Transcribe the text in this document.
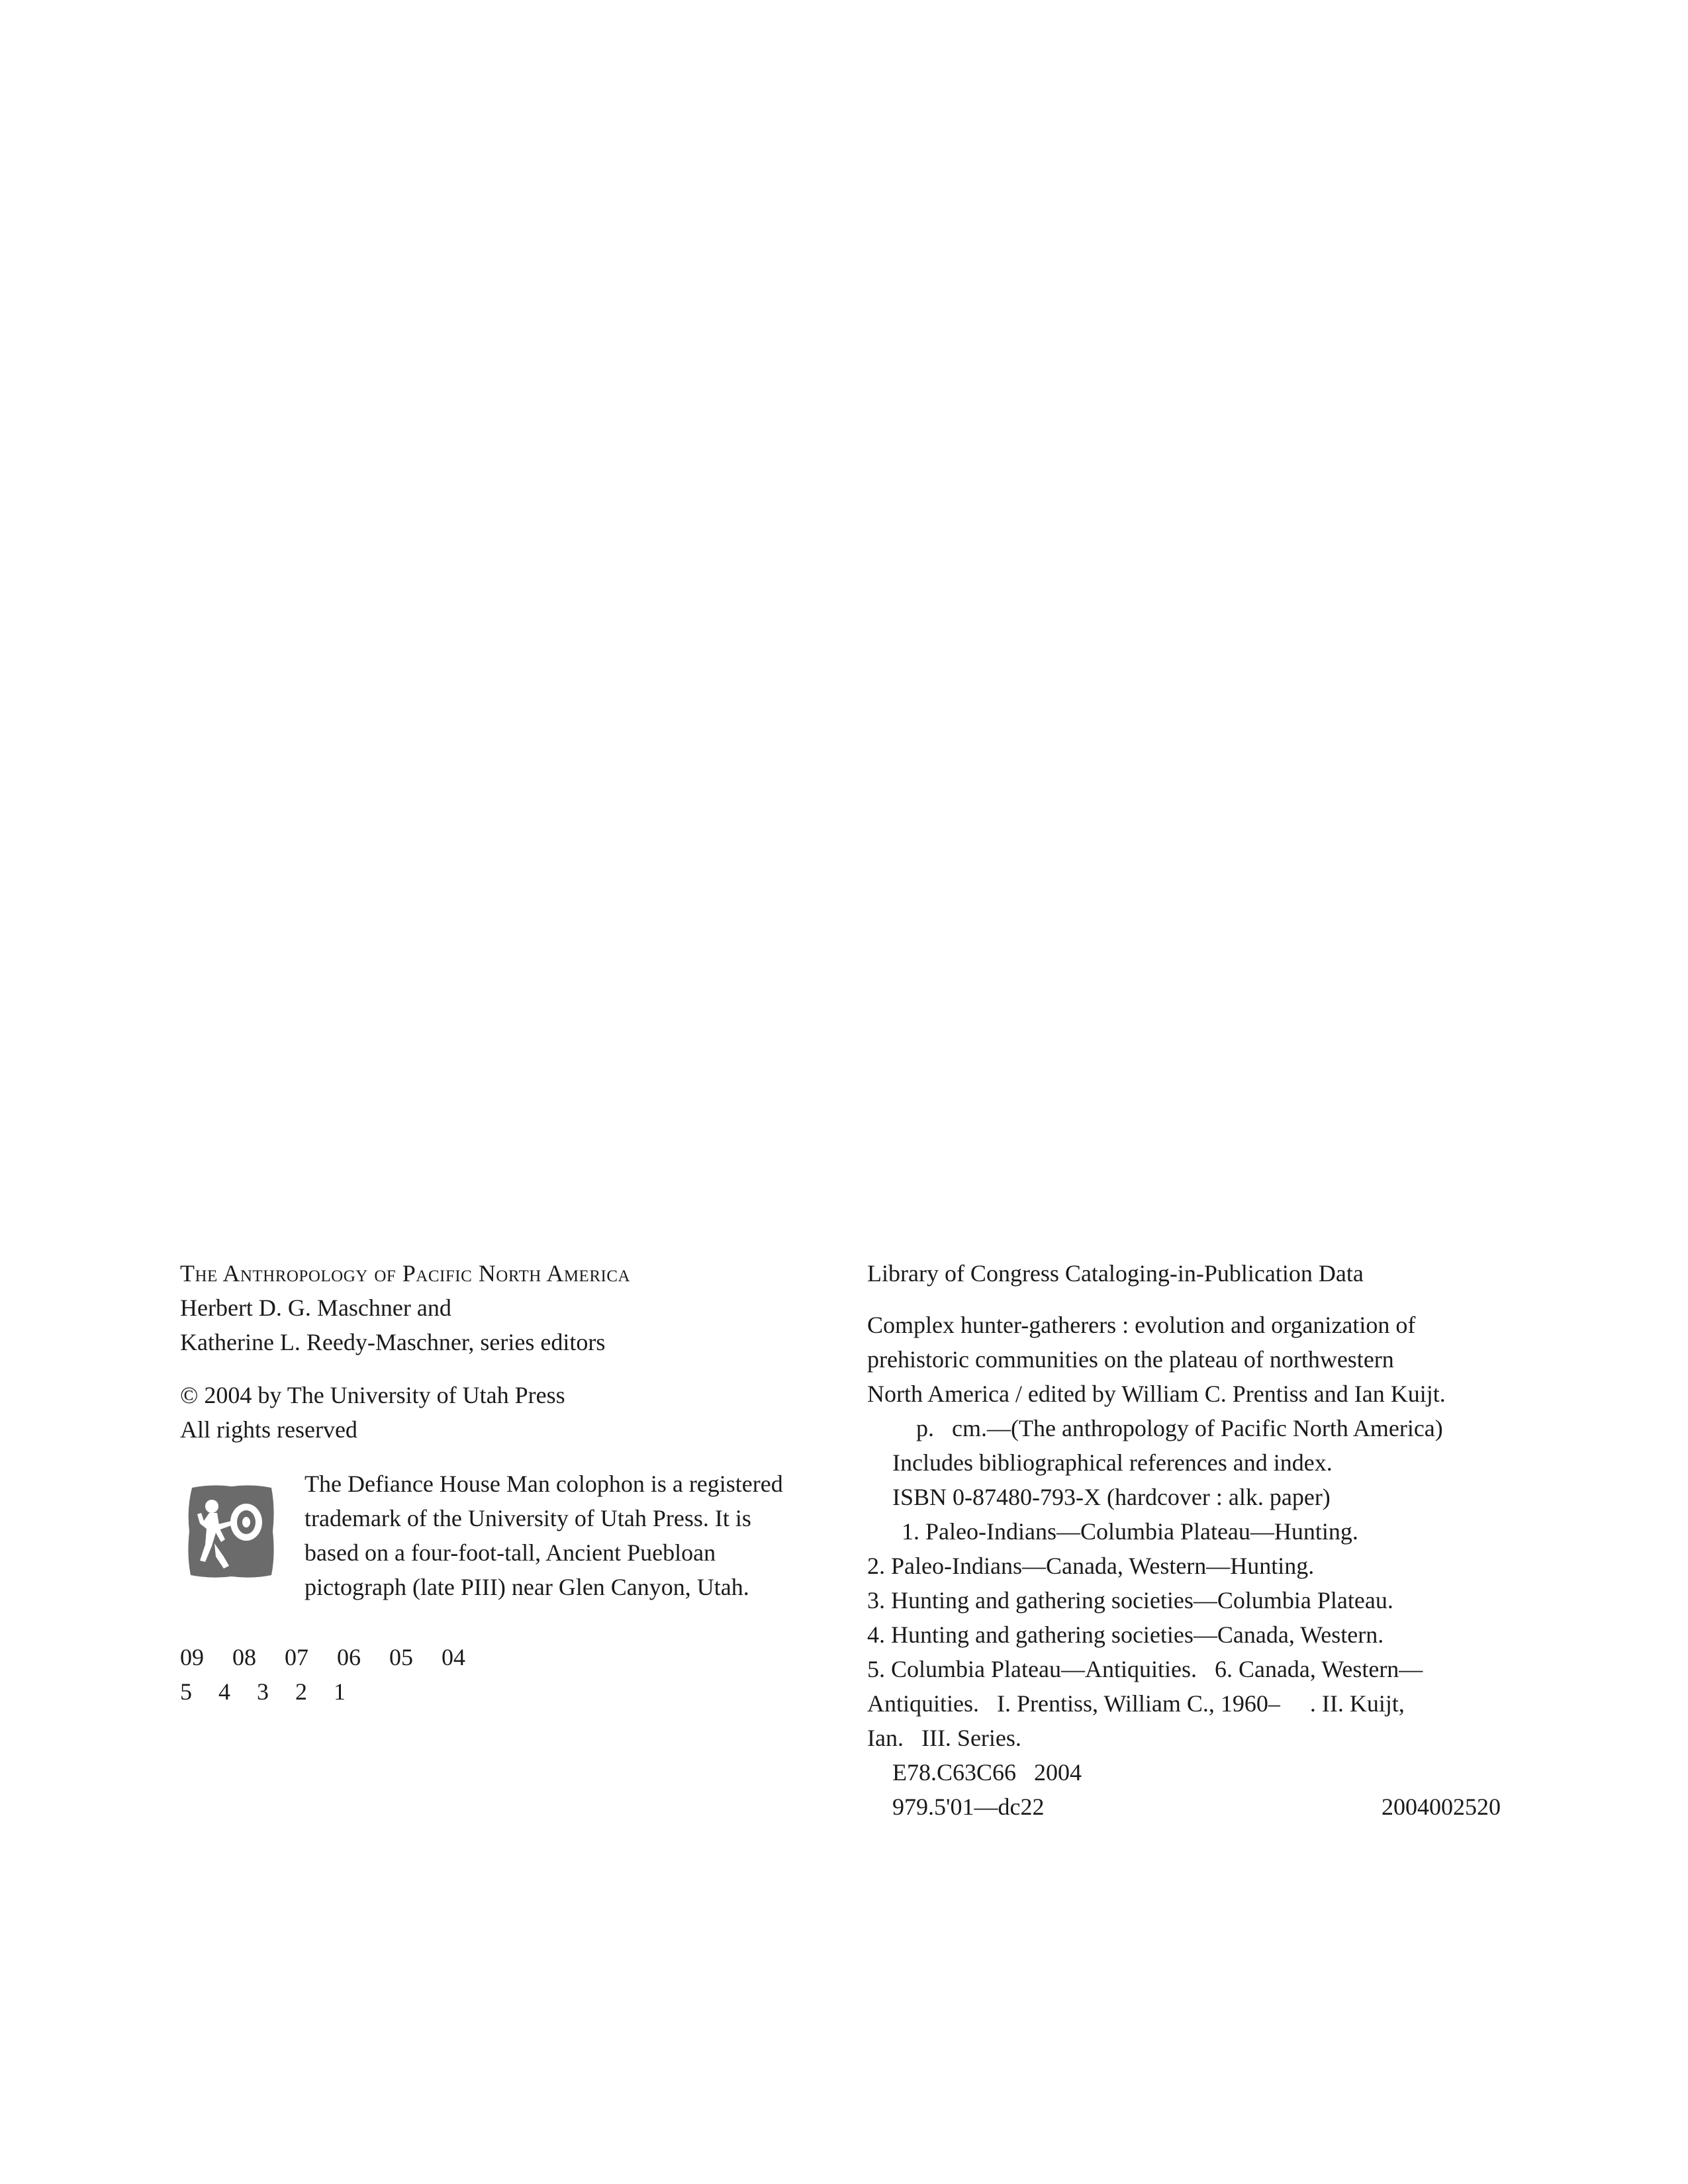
The Anthropology of Pacific North America
Herbert D. G. Maschner and
Katherine L. Reedy-Maschner, series editors
© 2004 by The University of Utah Press
All rights reserved
The Defiance House Man colophon is a registered
trademark of the University of Utah Press. It is
based on a four-foot-tall, Ancient Puebloan
pictograph (late PIII) near Glen Canyon, Utah.
09	08	07	06	05	04
5	4	3	2	1
Library of Congress Cataloging-in-Publication Data
Complex hunter-gatherers : evolution and organization of
prehistoric communities on the plateau of northwestern
North America / edited by William C. Prentiss and Ian Kuijt.
p.   cm.—(The anthropology of Pacific North America)
Includes bibliographical references and index.
ISBN 0-87480-793-X (hardcover : alk. paper)
1. Paleo-Indians—Columbia Plateau—Hunting.
2. Paleo-Indians—Canada, Western—Hunting.
3. Hunting and gathering societies—Columbia Plateau.
4. Hunting and gathering societies—Canada, Western.
5. Columbia Plateau—Antiquities.   6. Canada, Western—
Antiquities.   I. Prentiss, William C., 1960–     . II. Kuijt,
Ian.   III. Series.
E78.C63C66   2004
979.5'01—dc22	2004002520
